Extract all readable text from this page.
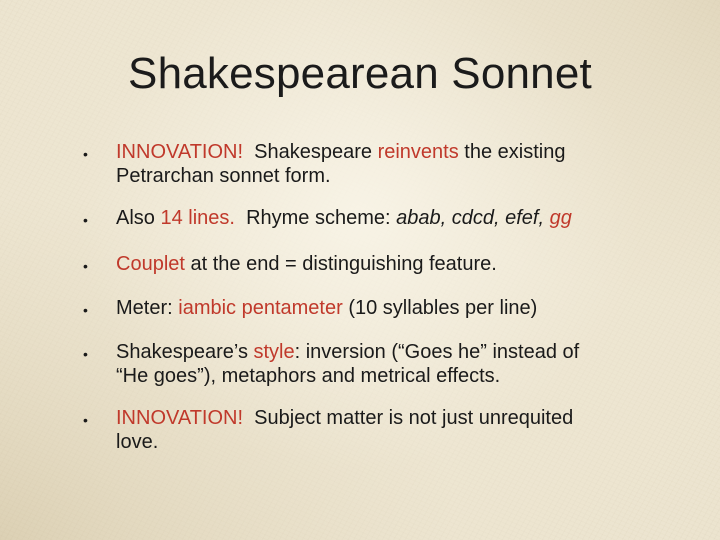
Shakespearean Sonnet
• INNOVATION!  Shakespeare reinvents the existing
Petrarchan sonnet form.
• Also 14 lines.  Rhyme scheme: abab, cdcd, efef, gg
• Couplet at the end = distinguishing feature.
• Meter: iambic pentameter (10 syllables per line)
• Shakespeare’s style: inversion (“Goes he” instead of
“He goes”), metaphors and metrical effects.
• INNOVATION!  Subject matter is not just unrequited
love.
